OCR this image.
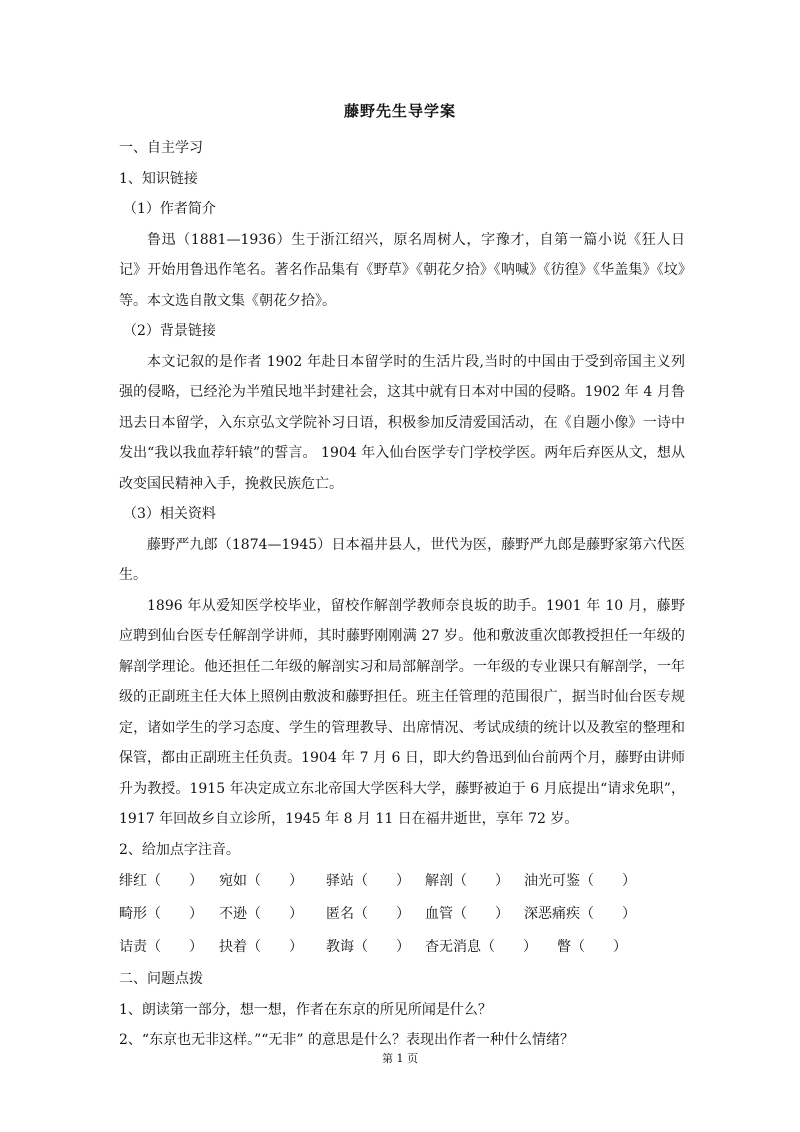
藤野先生导学案

一、自主学习

1、知识链接

（1）作者简介

鲁迅（1881—1936）生于浙江绍兴，原名周树人，字豫才，自第一篇小说《狂人日记》开始用鲁迅作笔名。著名作品集有《野草》《朝花夕拾》《呐喊》《彷徨》《华盖集》《坟》等。本文选自散文集《朝花夕拾》。

（2）背景链接

本文记叙的是作者 1902 年赴日本留学时的生活片段,当时的中国由于受到帝国主义列强的侵略，已经沦为半殖民地半封建社会，这其中就有日本对中国的侵略。1902 年 4 月鲁迅去日本留学，入东京弘文学院补习日语，积极参加反清爱国活动，在《自题小像》一诗中发出“我以我血荐轩辕”的誓言。 1904 年入仙台医学专门学校学医。两年后弃医从文，想从改变国民精神入手，挽救民族危亡。

（3）相关资料

藤野严九郎（1874—1945）日本福井县人，世代为医，藤野严九郎是藤野家第六代医生。

1896 年从爱知医学校毕业，留校作解剖学教师奈良坂的助手。1901 年 10 月，藤野应聘到仙台医专任解剖学讲师，其时藤野刚刚满 27 岁。他和敷波重次郎教授担任一年级的解剖学理论。他还担任二年级的解剖实习和局部解剖学。一年级的专业课只有解剖学，一年级的正副班主任大体上照例由敷波和藤野担任。班主任管理的范围很广，据当时仙台医专规定，诸如学生的学习态度、学生的管理教导、出席情况、考试成绩的统计以及教室的整理和保管，都由正副班主任负责。1904 年 7 月 6 日，即大约鲁迅到仙台前两个月，藤野由讲师升为教授。1915 年决定成立东北帝国大学医科大学，藤野被迫于 6 月底提出“请求免职”，1917 年回故乡自立诊所，1945 年 8 月 11 日在福井逝世，享年 72 岁。

2、给加点字注音。

绯红（　　）	宛如（　　）	驿站（　　）	解剖（　　）	油光可鉴（　　）
畸形（　　）	不逊（　　）	匿名（　　）	血管（　　）	深恶痛疾（　　）
诘责（　　）	抉着（　　）	教诲（　　）	杳无消息（　　）	瞥（　　）

二、问题点拨

1、朗读第一部分，想一想，作者在东京的所见所闻是什么？

2、“东京也无非这样。”“无非” 的意思是什么？表现出作者一种什么情绪？

第 1 页
